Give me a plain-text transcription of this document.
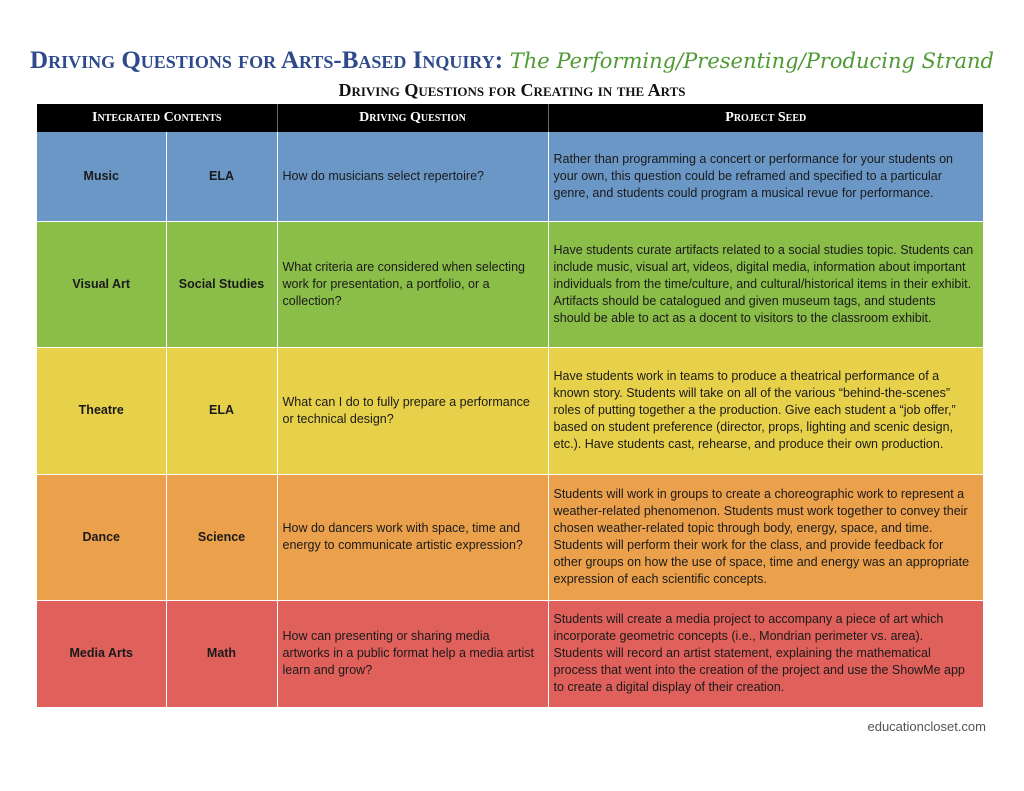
Driving Questions for Arts-Based Inquiry: The Performing/Presenting/Producing Strand
Driving Questions for Creating in the Arts
Integrated Contents		Driving Question	Project Seed
Music	ELA	How do musicians select repertoire?	Rather than programming a concert or performance for your students on your own, this question could be reframed and specified to a particular genre, and students could program a musical revue for performance.
Visual Art	Social Studies	What criteria are considered when selecting work for presentation, a portfolio, or a collection?	Have students curate artifacts related to a social studies topic. Students can include music, visual art, videos, digital media, information about important individuals from the time/culture, and cultural/historical items in their exhibit. Artifacts should be catalogued and given museum tags, and students should be able to act as a docent to visitors to the classroom exhibit.
Theatre	ELA	What can I do to fully prepare a performance or technical design?	Have students work in teams to produce a theatrical performance of a known story. Students will take on all of the various “behind-the-scenes” roles of putting together a the production. Give each student a “job offer,” based on student preference (director, props, lighting and scenic design, etc.). Have students cast, rehearse, and produce their own production.
Dance	Science	How do dancers work with space, time and energy to communicate artistic expression?	Students will work in groups to create a choreographic work to represent a weather-related phenomenon. Students must work together to convey their chosen weather-related topic through body, energy, space, and time. Students will perform their work for the class, and provide feedback for other groups on how the use of space, time and energy was an appropriate expression of each scientific concepts.
Media Arts	Math	How can presenting or sharing media artworks in a public format help a media artist learn and grow?	Students will create a media project to accompany a piece of art which incorporate geometric concepts (i.e., Mondrian perimeter vs. area). Students will record an artist statement, explaining the mathematical process that went into the creation of the project and use the ShowMe app to create a digital display of their creation.
educationcloset.com
